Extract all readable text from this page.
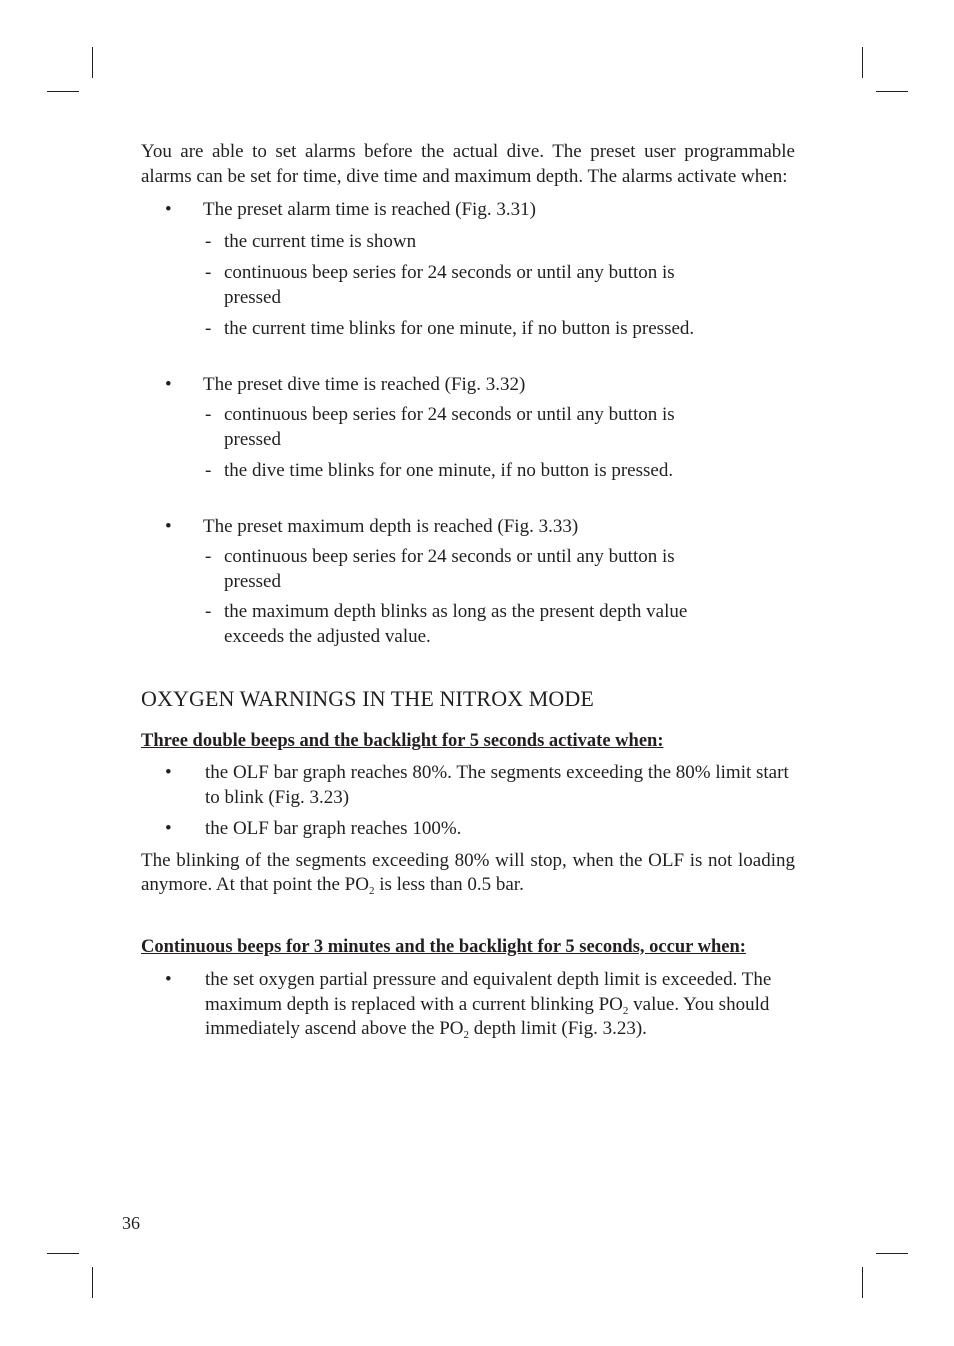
You are able to set alarms before the actual dive. The preset user programmable alarms can be set for time, dive time and maximum depth. The alarms activate when:

• The preset alarm time is reached (Fig. 3.31)

- the current time is shown

- continuous beep series for 24 seconds or until any button is pressed

- the current time blinks for one minute, if no button is pressed.

• The preset dive time is reached (Fig. 3.32)

- continuous beep series for 24 seconds or until any button is pressed

- the dive time blinks for one minute, if no button is pressed.

• The preset maximum depth is reached (Fig. 3.33)

- continuous beep series for 24 seconds or until any button is pressed

- the maximum depth blinks as long as the present depth value exceeds the adjusted value.

OXYGEN WARNINGS IN THE NITROX MODE

Three double beeps and the backlight for 5 seconds activate when:

• the OLF bar graph reaches 80%. The segments exceeding the 80% limit start to blink (Fig. 3.23)

• the OLF bar graph reaches 100%.

The blinking of the segments exceeding 80% will stop, when the OLF is not loading anymore. At that point the $PO_2$ is less than 0.5 bar.

Continuous beeps for 3 minutes and the backlight for 5 seconds, occur when:

• the set oxygen partial pressure and equivalent depth limit is exceeded. The maximum depth is replaced with a current blinking $PO_2$ value. You should immediately ascend above the $PO_2$ depth limit (Fig. 3.23).

36
